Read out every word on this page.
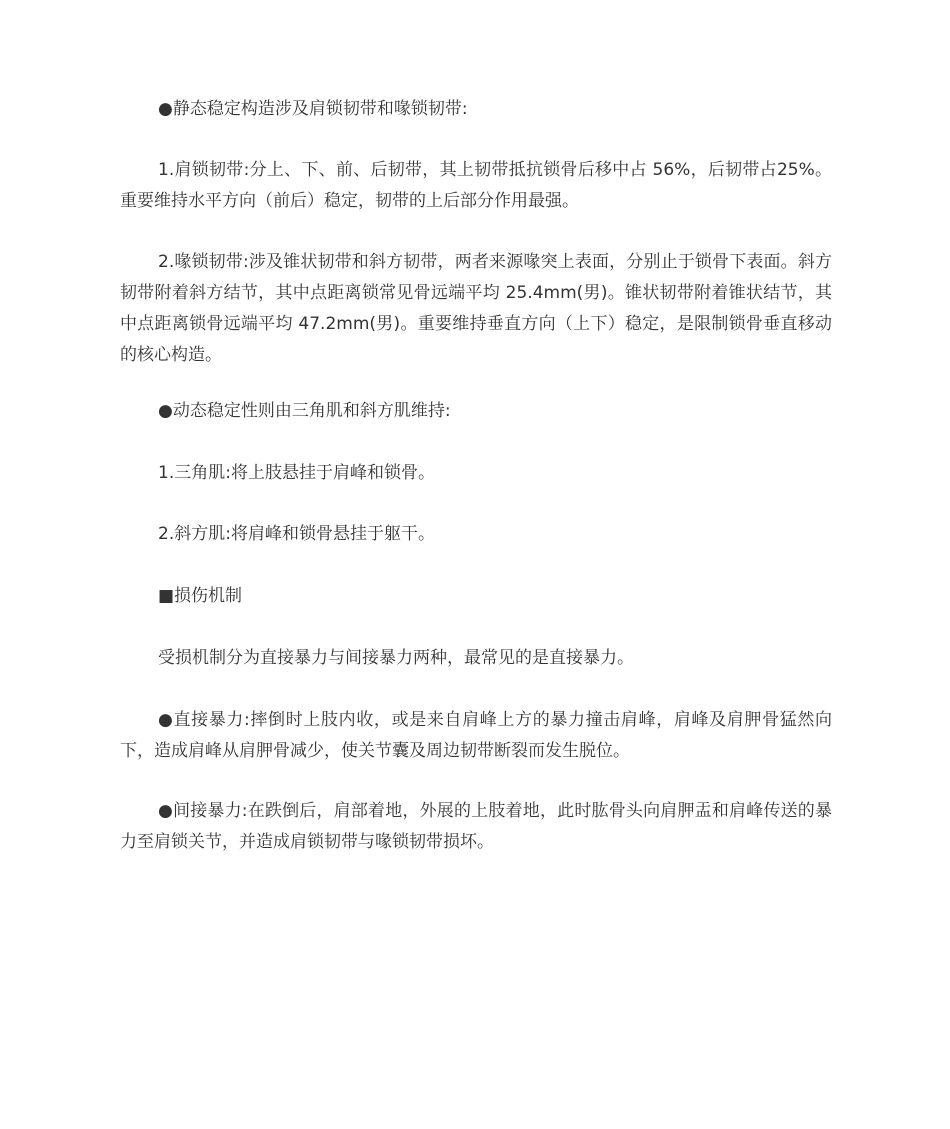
●静态稳定构造涉及肩锁韧带和喙锁韧带:

1.肩锁韧带:分上、下、前、后韧带，其上韧带抵抗锁骨后移中占 56%，后韧带占25%。重要维持水平方向（前后）稳定，韧带的上后部分作用最强。

2.喙锁韧带:涉及锥状韧带和斜方韧带，两者来源喙突上表面，分别止于锁骨下表面。斜方韧带附着斜方结节，其中点距离锁常见骨远端平均 25.4mm(男)。锥状韧带附着锥状结节，其中点距离锁骨远端平均 47.2mm(男)。重要维持垂直方向（上下）稳定，是限制锁骨垂直移动的核心构造。

●动态稳定性则由三角肌和斜方肌维持:

1.三角肌:将上肢悬挂于肩峰和锁骨。

2.斜方肌:将肩峰和锁骨悬挂于躯干。

■损伤机制

受损机制分为直接暴力与间接暴力两种，最常见的是直接暴力。

●直接暴力:摔倒时上肢内收，或是来自肩峰上方的暴力撞击肩峰，肩峰及肩胛骨猛然向下，造成肩峰从肩胛骨减少，使关节囊及周边韧带断裂而发生脱位。

●间接暴力:在跌倒后，肩部着地，外展的上肢着地，此时肱骨头向肩胛盂和肩峰传送的暴力至肩锁关节，并造成肩锁韧带与喙锁韧带损坏。
